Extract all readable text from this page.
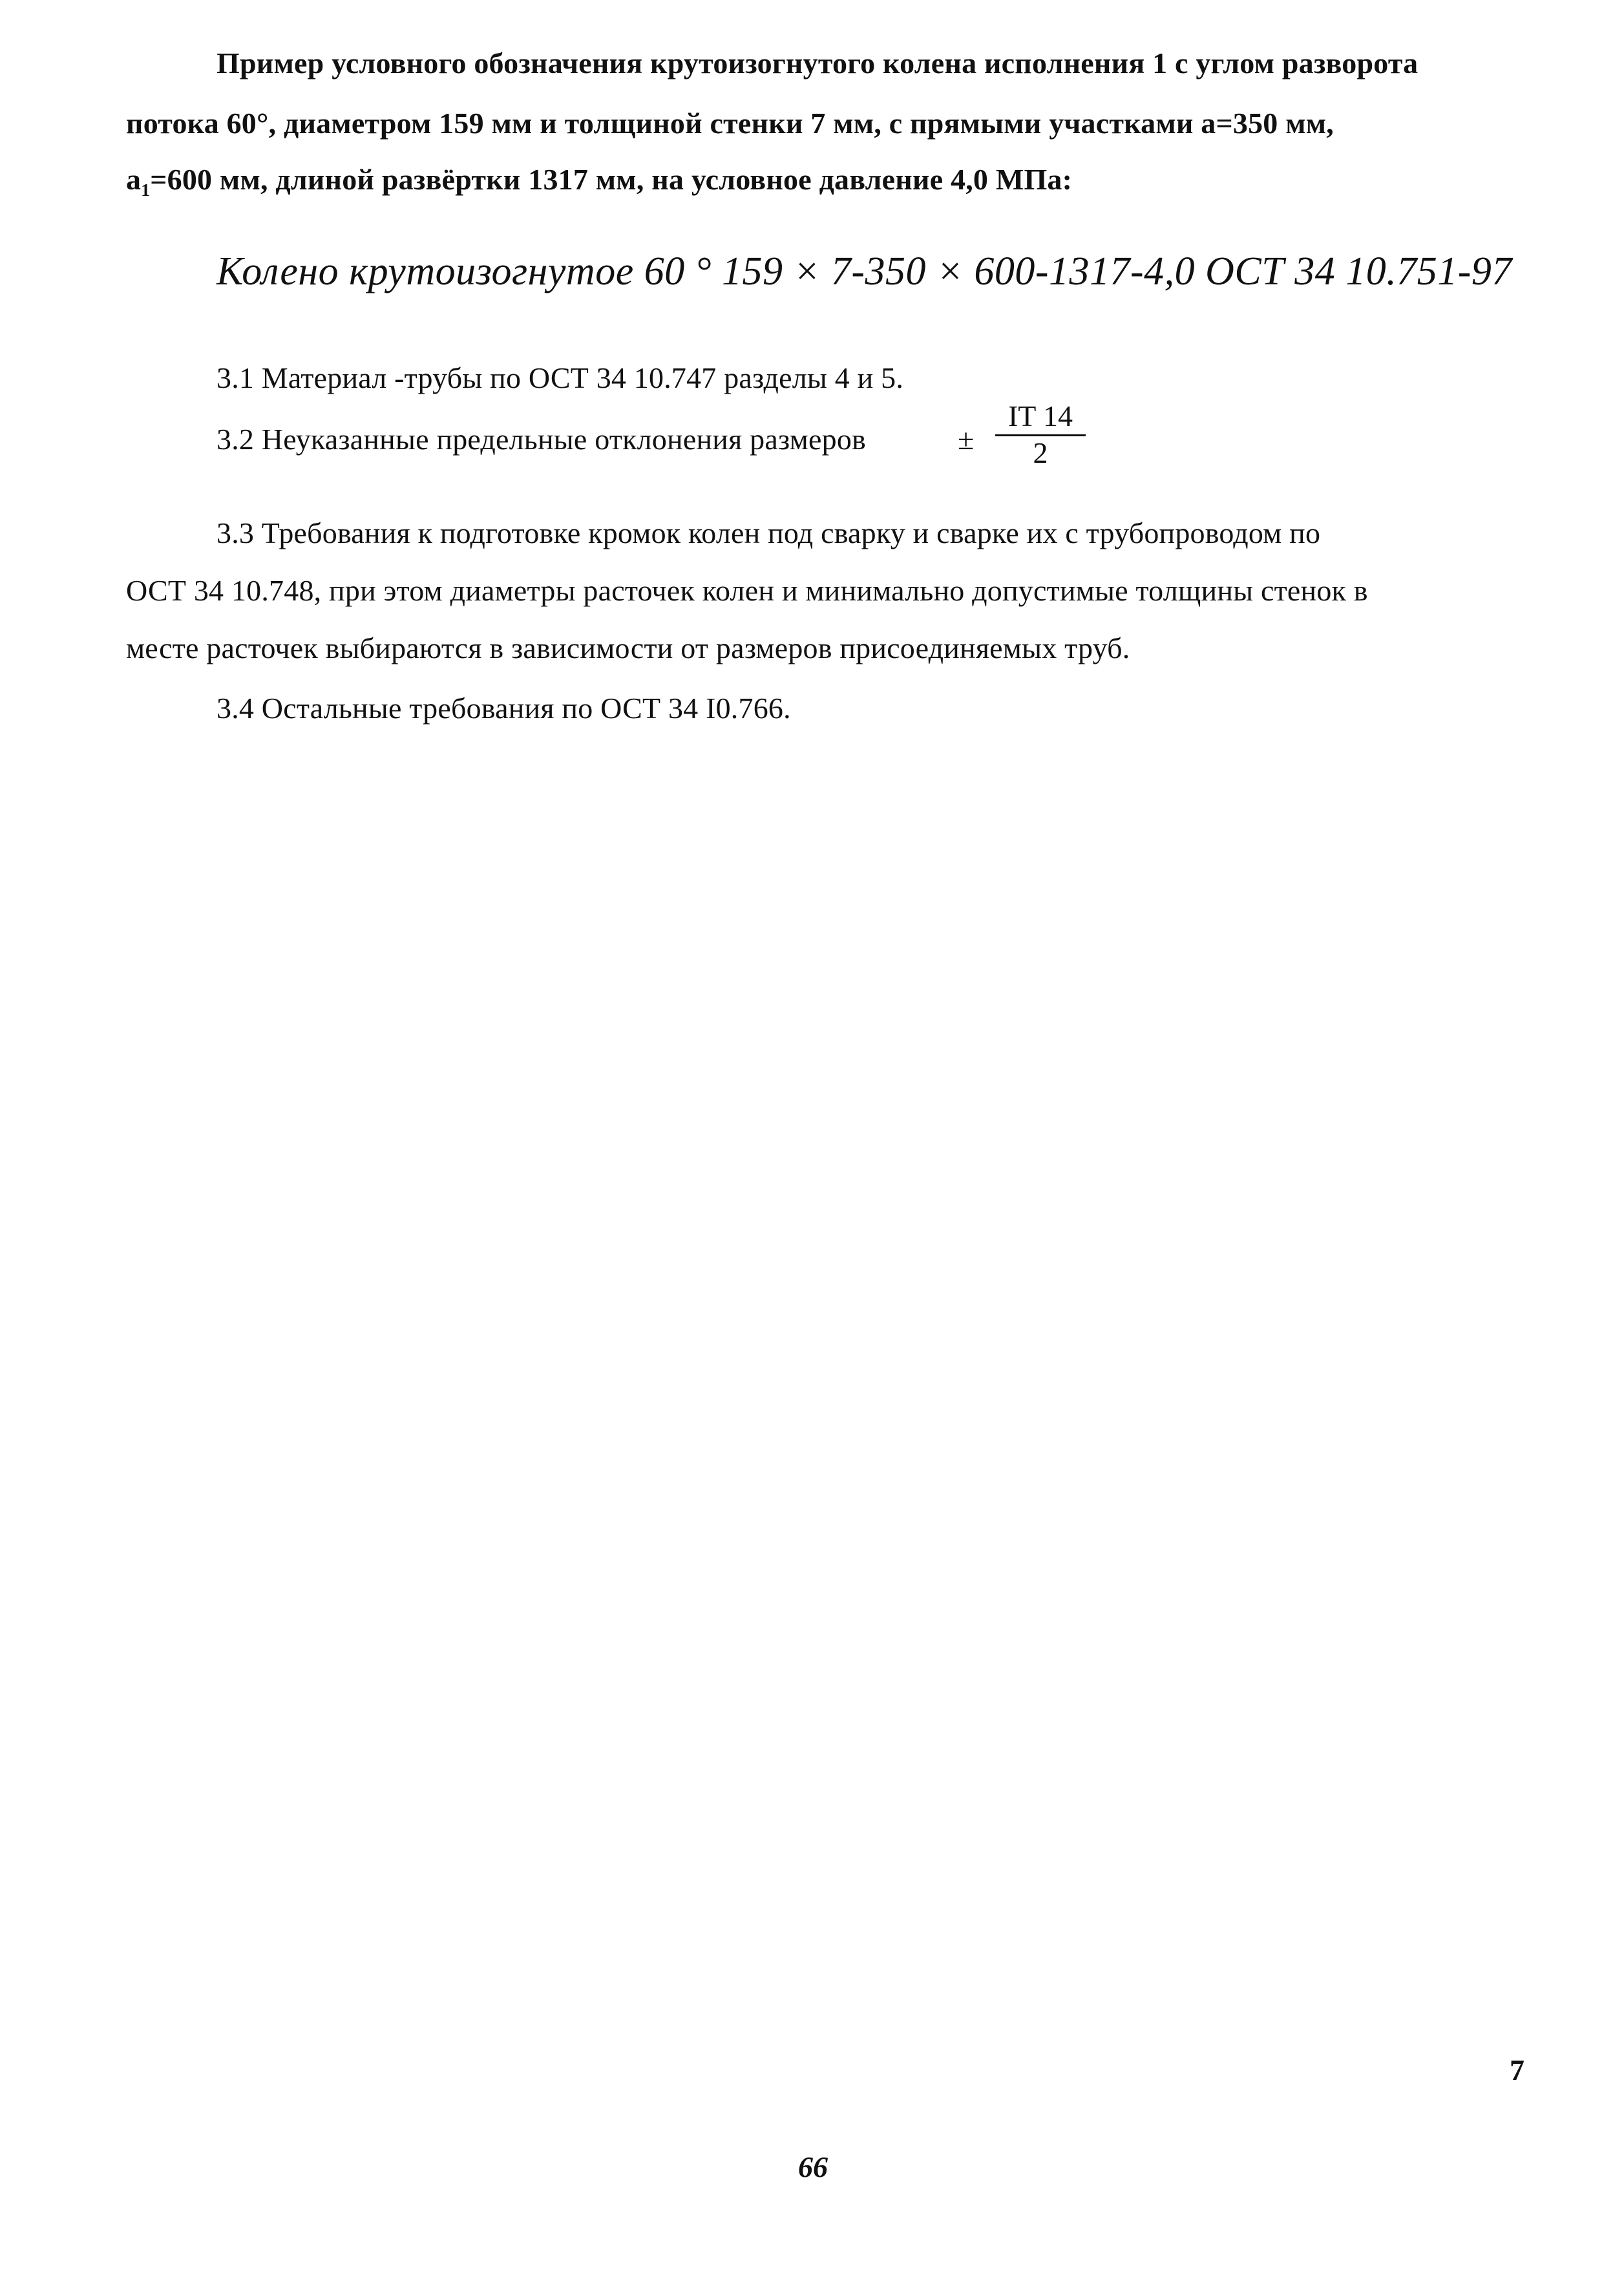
Пример условного обозначения крутоизогнутого колена исполнения 1 с углом разворота
потока 60°, диаметром 159 мм и толщиной стенки 7 мм, с прямыми участками а=350 мм,
$а_1=600$ мм, длиной развёртки 1317 мм, на условное давление 4,0 МПа:
Колено крутоизогнутое 60 ° 159 × 7-350 × 600-1317-4,0 ОСТ 34 10.751-97
3.1 Материал -трубы по ОСТ 34 10.747 разделы 4 и 5.
3.2 Неуказанные предельные отклонения размеров	± $\frac{IT 14}{2}$
3.3 Требования к подготовке кромок колен под сварку и сварке их с трубопроводом по
ОСТ 34 10.748, при этом диаметры расточек колен и минимально допустимые толщины стенок в
месте расточек выбираются в зависимости от размеров присоединяемых труб.
3.4 Остальные требования по ОСТ 34 І0.766.
7
66
